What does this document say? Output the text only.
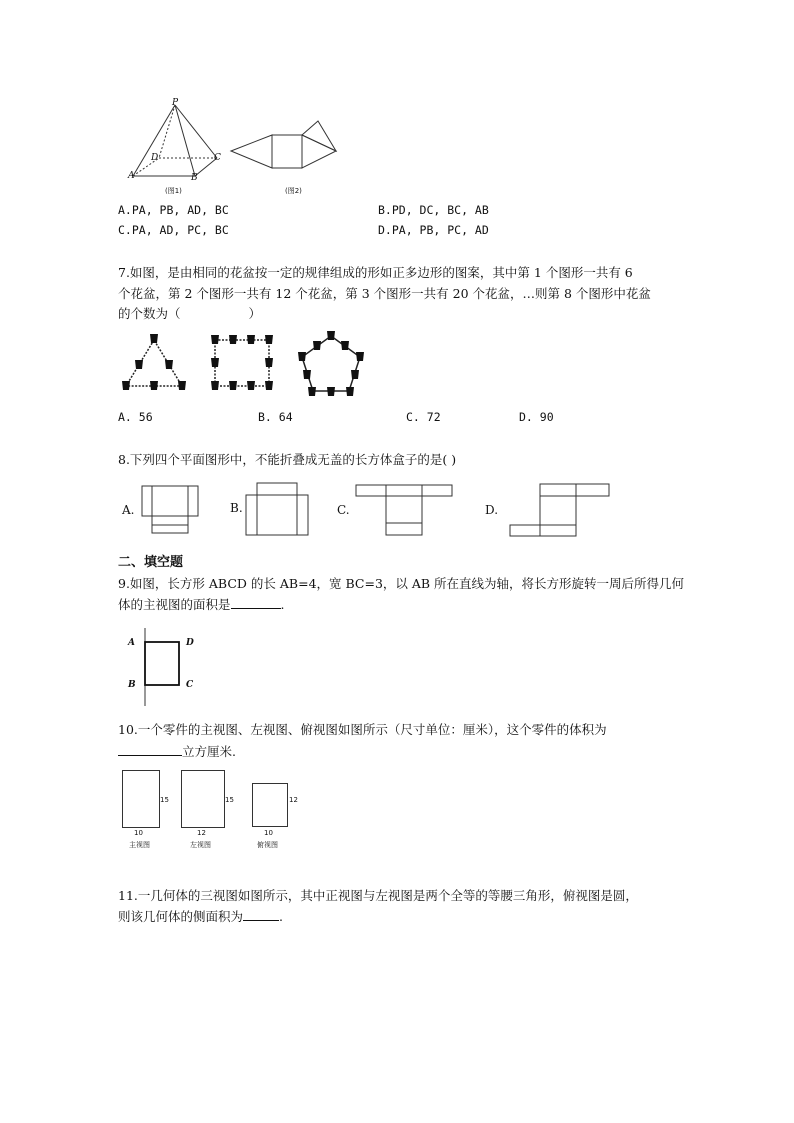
P
D	C
A	B
(图1)	(图2)
A.PA, PB, AD, BC	B.PD, DC, BC, AB
C.PA, AD, PC, BC	D.PA, PB, PC, AD
7.如图，是由相同的花盆按一定的规律组成的形如正多边形的图案，其中第 1 个图形一共有 6
个花盆，第 2 个图形一共有 12 个花盆，第 3 个图形一共有 20 个花盆，…则第 8 个图形中花盆
的个数为（	）
A. 56	B. 64	C. 72	D. 90
8.下列四个平面图形中，不能折叠成无盖的长方体盒子的是( )
A.	B.	C.	D.
二、填空题
9.如图，长方形 ABCD 的长 AB=4，宽 BC=3，以 AB 所在直线为轴，将长方形旋转一周后所得几何
体的主视图的面积是	.
A	D
B	C
10.一个零件的主视图、左视图、俯视图如图所示（尺寸单位：厘米），这个零件的体积为
立方厘米.
15
10
主视图
15
12
左视图
12
10
俯视图
11.一几何体的三视图如图所示，其中正视图与左视图是两个全等的等腰三角形，俯视图是圆，
则该几何体的侧面积为	.
